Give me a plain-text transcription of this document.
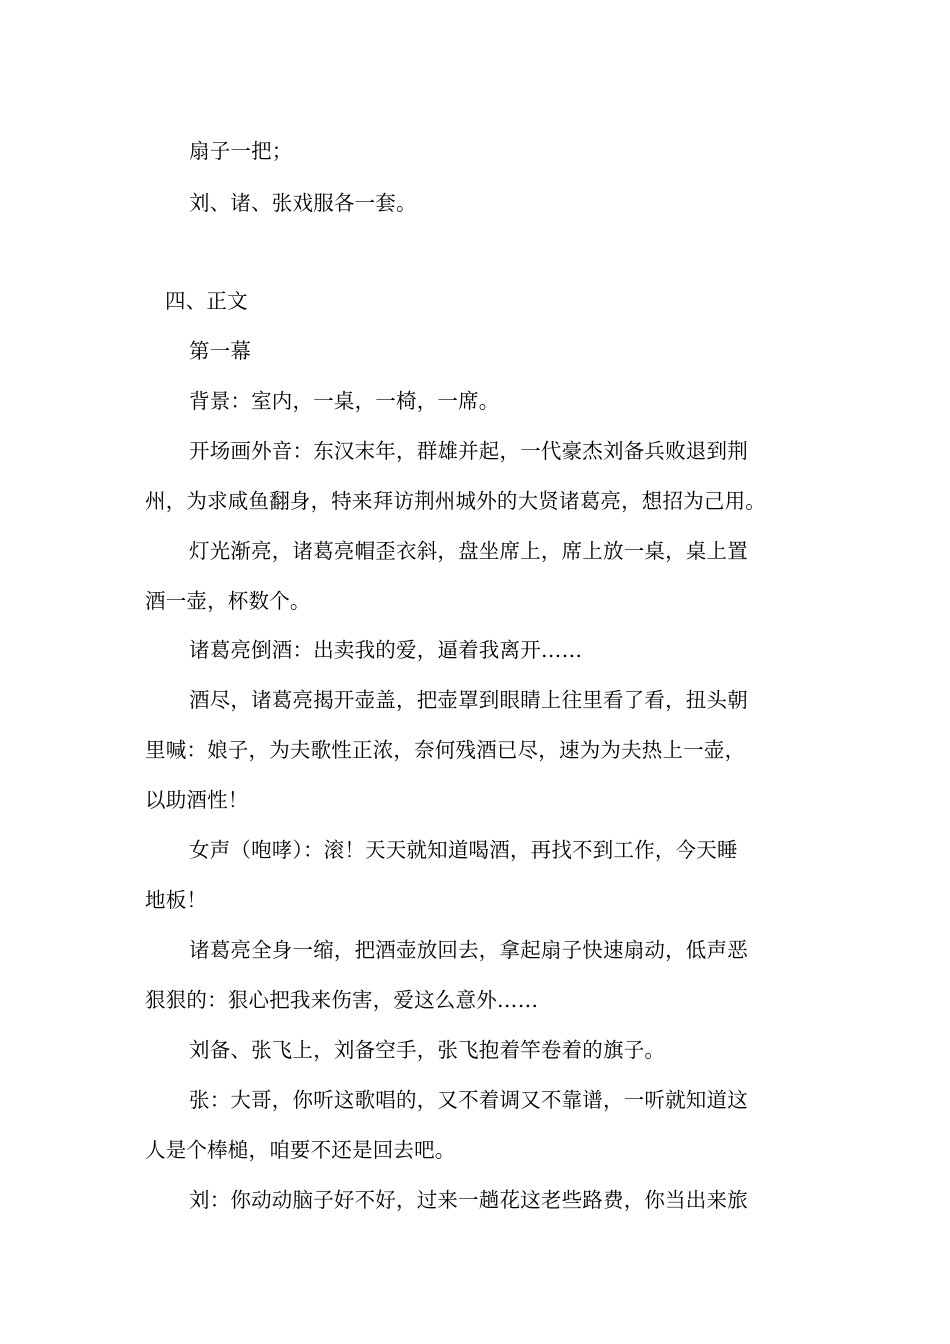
扇子一把；
刘、诸、张戏服各一套。
四、正文
第一幕
背景：室内，一桌，一椅，一席。
开场画外音：东汉末年，群雄并起，一代豪杰刘备兵败退到荆
州，为求咸鱼翻身，特来拜访荆州城外的大贤诸葛亮，想招为己用。
灯光渐亮，诸葛亮帽歪衣斜，盘坐席上，席上放一桌，桌上置
酒一壶，杯数个。
诸葛亮倒酒：出卖我的爱，逼着我离开……
酒尽，诸葛亮揭开壶盖，把壶罩到眼睛上往里看了看，扭头朝
里喊：娘子，为夫歌性正浓，奈何残酒已尽，速为为夫热上一壶，
以助酒性！
女声（咆哮）：滚！天天就知道喝酒，再找不到工作，今天睡
地板！
诸葛亮全身一缩，把酒壶放回去，拿起扇子快速扇动，低声恶
狠狠的：狠心把我来伤害，爱这么意外……
刘备、张飞上，刘备空手，张飞抱着竿卷着的旗子。
张：大哥，你听这歌唱的，又不着调又不靠谱，一听就知道这
人是个棒槌，咱要不还是回去吧。
刘：你动动脑子好不好，过来一趟花这老些路费，你当出来旅
